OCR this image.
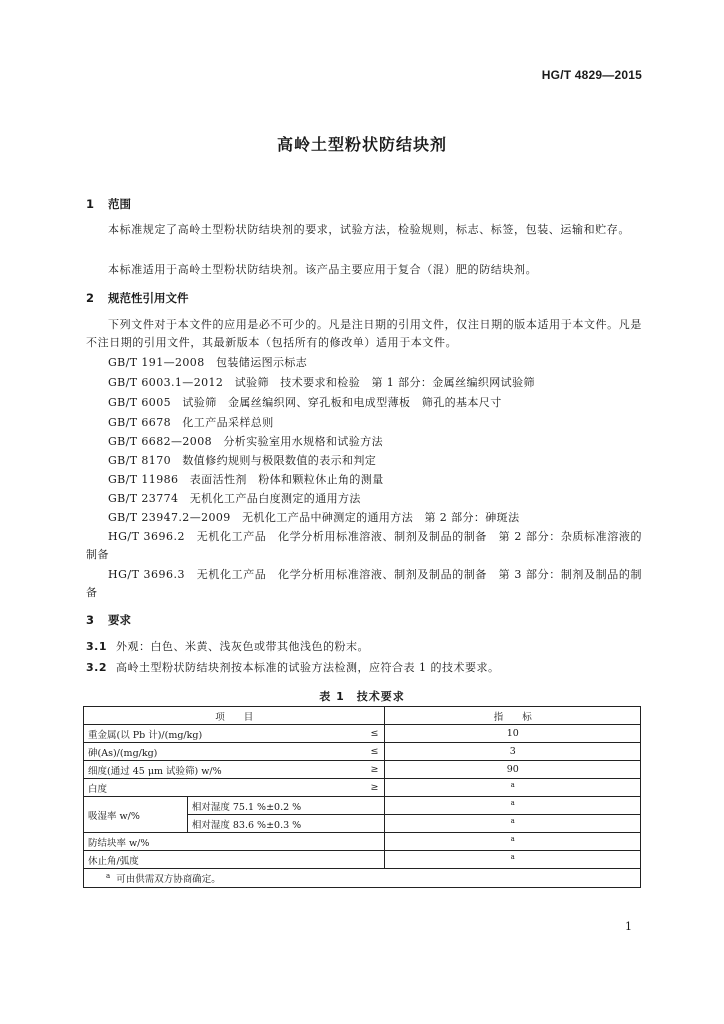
HG/T 4829—2015
高岭土型粉状防结块剂
1 范围
本标准规定了高岭土型粉状防结块剂的要求，试验方法，检验规则，标志、标签，包装、运输和贮存。
本标准适用于高岭土型粉状防结块剂。该产品主要应用于复合（混）肥的防结块剂。
2 规范性引用文件
下列文件对于本文件的应用是必不可少的。凡是注日期的引用文件，仅注日期的版本适用于本文件。凡是不注日期的引用文件，其最新版本（包括所有的修改单）适用于本文件。
GB/T 191—2008　包装储运图示标志
GB/T 6003.1—2012　试验筛　技术要求和检验　第 1 部分：金属丝编织网试验筛
GB/T 6005　试验筛　金属丝编织网、穿孔板和电成型薄板　筛孔的基本尺寸
GB/T 6678　化工产品采样总则
GB/T 6682—2008　分析实验室用水规格和试验方法
GB/T 8170　数值修约规则与极限数值的表示和判定
GB/T 11986　表面活性剂　粉体和颗粒休止角的测量
GB/T 23774　无机化工产品白度测定的通用方法
GB/T 23947.2—2009　无机化工产品中砷测定的通用方法　第 2 部分：砷斑法
HG/T 3696.2　无机化工产品　化学分析用标准溶液、制剂及制品的制备　第 2 部分：杂质标准溶液的制备
HG/T 3696.3　无机化工产品　化学分析用标准溶液、制剂及制品的制备　第 3 部分：制剂及制品的制备
3 要求
3.1 外观：白色、米黄、浅灰色或带其他浅色的粉末。
3.2 高岭土型粉状防结块剂按本标准的试验方法检测，应符合表 1 的技术要求。
表 1　技术要求
项　　目			指　　标
重金属(以 Pb 计)/(mg/kg)		≤	10
砷(As)/(mg/kg)		≤	3
细度(通过 45 μm 试验筛) w/%		≥	90
白度		≥	$^a$
吸湿率 w/%	相对湿度 75.1 %±0.2 %		$^a$
	相对湿度 83.6 %±0.3 %		$^a$
防结块率 w/%			$^a$
休止角/弧度			$^a$
$^a$ 可由供需双方协商确定。			
1
